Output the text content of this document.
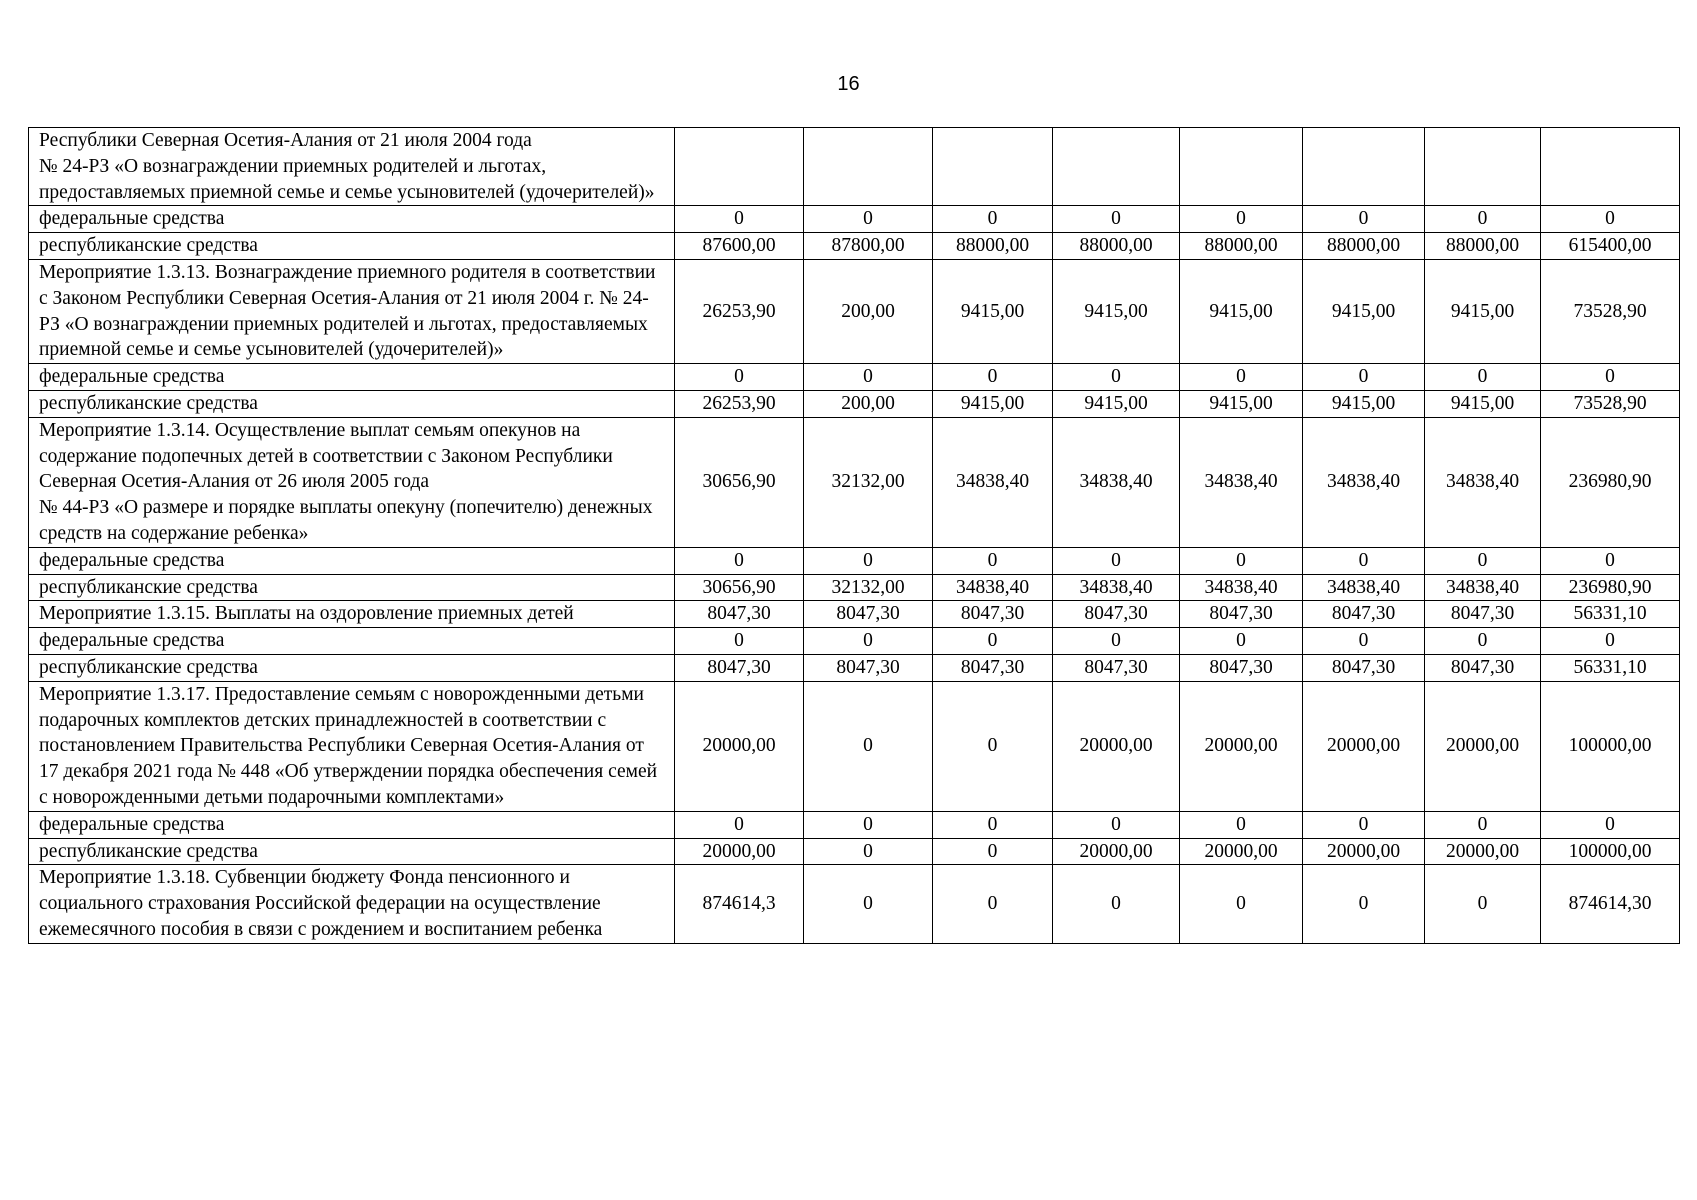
16
Республики Северная Осетия-Алания от 21 июля 2004 года
№ 24-РЗ «О вознаграждении приемных родителей и льготах, предоставляемых приемной семье и семье усыновителей (удочерителей)»								
федеральные средства	0	0	0	0	0	0	0	0
республиканские средства	87600,00	87800,00	88000,00	88000,00	88000,00	88000,00	88000,00	615400,00
Мероприятие 1.3.13. Вознаграждение приемного родителя в соответствии с Законом Республики Северная Осетия-Алания от 21 июля 2004 г. № 24-РЗ «О вознаграждении приемных родителей и льготах, предоставляемых приемной семье и семье усыновителей (удочерителей)»	26253,90	200,00	9415,00	9415,00	9415,00	9415,00	9415,00	73528,90
федеральные средства	0	0	0	0	0	0	0	0
республиканские средства	26253,90	200,00	9415,00	9415,00	9415,00	9415,00	9415,00	73528,90
Мероприятие 1.3.14. Осуществление выплат семьям опекунов на содержание подопечных детей в соответствии с Законом Республики Северная Осетия-Алания от 26 июля 2005 года
№ 44-РЗ «О размере и порядке выплаты опекуну (попечителю) денежных средств на содержание ребенка»	30656,90	32132,00	34838,40	34838,40	34838,40	34838,40	34838,40	236980,90
федеральные средства	0	0	0	0	0	0	0	0
республиканские средства	30656,90	32132,00	34838,40	34838,40	34838,40	34838,40	34838,40	236980,90
Мероприятие 1.3.15. Выплаты на оздоровление приемных детей	8047,30	8047,30	8047,30	8047,30	8047,30	8047,30	8047,30	56331,10
федеральные средства	0	0	0	0	0	0	0	0
республиканские средства	8047,30	8047,30	8047,30	8047,30	8047,30	8047,30	8047,30	56331,10
Мероприятие 1.3.17. Предоставление семьям с новорожденными детьми подарочных комплектов детских принадлежностей в соответствии с постановлением Правительства Республики Северная Осетия-Алания от 17 декабря 2021 года № 448 «Об утверждении порядка обеспечения семей с новорожденными детьми подарочными комплектами»	20000,00	0	0	20000,00	20000,00	20000,00	20000,00	100000,00
федеральные средства	0	0	0	0	0	0	0	0
республиканские средства	20000,00	0	0	20000,00	20000,00	20000,00	20000,00	100000,00
Мероприятие 1.3.18. Субвенции бюджету Фонда пенсионного и социального страхования Российской федерации на осуществление ежемесячного пособия в связи с рождением и воспитанием ребенка	874614,3	0	0	0	0	0	0	874614,30
